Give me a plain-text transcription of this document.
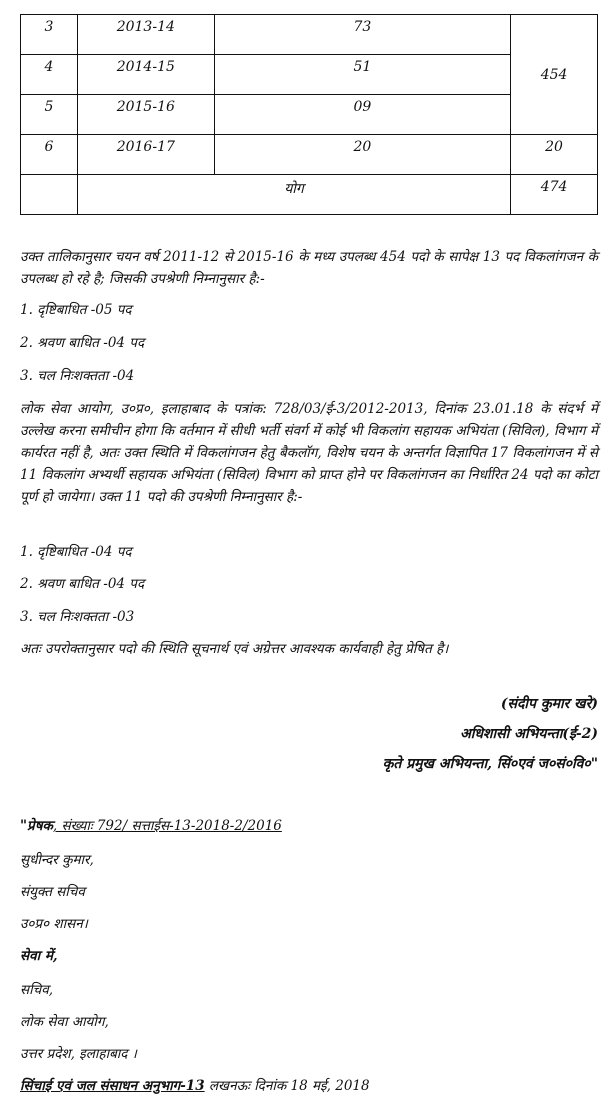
3	2013-14	73	454
4	2014-15	51	
5	2015-16	09	
6	2016-17	20	20
	योग		474

उक्त तालिकानुसार चयन वर्ष 2011-12 से 2015-16 के मध्य उपलब्ध 454 पदो के सापेक्ष 13 पद विकलांगजन के उपलब्ध हो रहे है; जिसकी उपश्रेणी निम्नानुसार है:-

1. दृष्टिबाधित -05 पद

2. श्रवण बाधित -04 पद

3. चल निःशक्तता -04

लोक सेवा आयोग, उ०प्र०, इलाहाबाद के पत्रांक: 728/03/ई-3/2012-2013, दिनांक 23.01.18 के संदर्भ में उल्लेख करना समीचीन होगा कि वर्तमान में सीधी भर्ती संवर्ग में कोई भी विकलांग सहायक अभियंता (सिविल), विभाग में कार्यरत नहीं है, अतः उक्त स्थिति में विकलांगजन हेतु बैकलॉग, विशेष चयन के अन्तर्गत विज्ञापित 17 विकलांगजन में से 11 विकलांग अभ्यर्थी सहायक अभियंता (सिविल) विभाग को प्राप्त होने पर विकलांगजन का निर्धारित 24 पदो का कोटा पूर्ण हो जायेगा। उक्त 11 पदो की उपश्रेणी निम्नानुसार है:-

1. दृष्टिबाधित -04 पद

2. श्रवण बाधित -04 पद

3. चल निःशक्तता -03

अतः उपरोक्तानुसार पदो की स्थिति सूचनार्थ एवं अग्रेत्तर आवश्यक कार्यवाही हेतु प्रेषित है।

(संदीप कुमार खरे)
अधिशासी अभियन्ता(ई-2)
कृते प्रमुख अभियन्ता, सिं०एवं ज०सं०वि०"

"प्रेषक, संख्याः 792/ सत्ताईस-13-2018-2/2016

सुधीन्दर कुमार,

संयुक्त सचिव

उ०प्र० शासन।

सेवा में,

सचिव,

लोक सेवा आयोग,

उत्तर प्रदेश, इलाहाबाद ।

सिंचाई एवं जल संसाधन अनुभाग-13 लखनऊः दिनांक 18 मई, 2018
